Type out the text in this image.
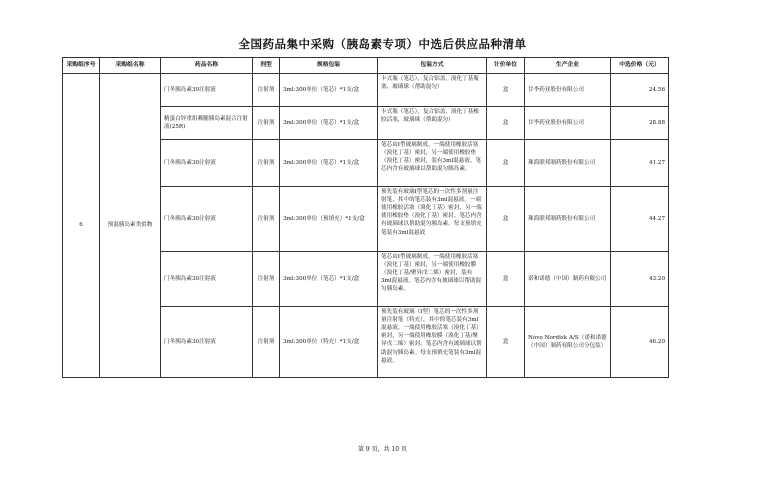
全国药品集中采购（胰岛素专项）中选后供应品种清单
采购组序号	采购组名称	药品名称	剂型	规格包装	包装方式	计价单位	生产企业	中选价格（元）
6	预混胰岛素类似物	门冬胰岛素30注射液	注射剂	3ml:300单位（笔芯）*1支/盒	卡式瓶（笔芯），复合铝盖，溴化丁基瓶塞，玻璃球（帮助混匀）	盒	甘李药业股份有限公司	24.56
		精蛋白锌重组赖脯胰岛素混合注射液(25R)	注射剂	3ml:300单位（笔芯）*1支/盒	卡式瓶（笔芯），复合铝盖，溴化丁基橡胶活塞，玻璃珠（帮助混匀）	盒	甘李药业股份有限公司	28.88
		门冬胰岛素30注射液	注射剂	3ml:300单位（笔芯）*1支/盒	笔芯由Ⅰ型玻璃制成，一端使用橡胶活塞（溴化丁基）密封，另一端使用橡胶垫（溴化丁基）密封，装有3ml混悬液。笔芯内含有玻璃球以帮助混匀胰岛素。	盒	珠海联邦制药股份有限公司	41.27
		门冬胰岛素30注射液	注射剂	3ml:300单位（预填充）*1支/盒	预先装有玻璃Ⅰ型笔芯的一次性多剂量注射笔，其中的笔芯装有3ml混悬液。一端使用橡胶活塞（溴化丁基）密封，另一端使用橡胶垫（溴化丁基）密封。笔芯内含有玻璃球以帮助混匀胰岛素。每支预填充笔装有3ml混悬液	盒	珠海联邦制药股份有限公司	44.27
		门冬胰岛素30注射液	注射剂	3ml:300单位（笔芯）*1支/盒	笔芯由Ⅰ型玻璃制成，一端使用橡胶活塞（溴化丁基）密封，另一端使用橡胶膜（溴化丁基/聚异戊二烯）密封，装有3ml混悬液。笔芯内含有玻璃球以帮助混匀胰岛素。	盒	诺和诺德（中国）制药有限公司	43.20
		门冬胰岛素30注射液	注射剂	3ml:300单位（特充）*1支/盒	预先装有玻璃（Ⅰ型）笔芯的一次性多剂量注射笔（特充），其中的笔芯装有3ml混悬液。一端使用橡胶活塞（溴化丁基）密封，另一端使用橡胶膜（溴化丁基/聚异戊二烯）密封。笔芯内含有玻璃球以帮助混匀胰岛素。每支预填充笔装有3ml混悬液。	盒	Novo Nordisk A/S（诺和诺德（中国）制药有限公司分包装）	46.20
第 9 页，共 10 页
